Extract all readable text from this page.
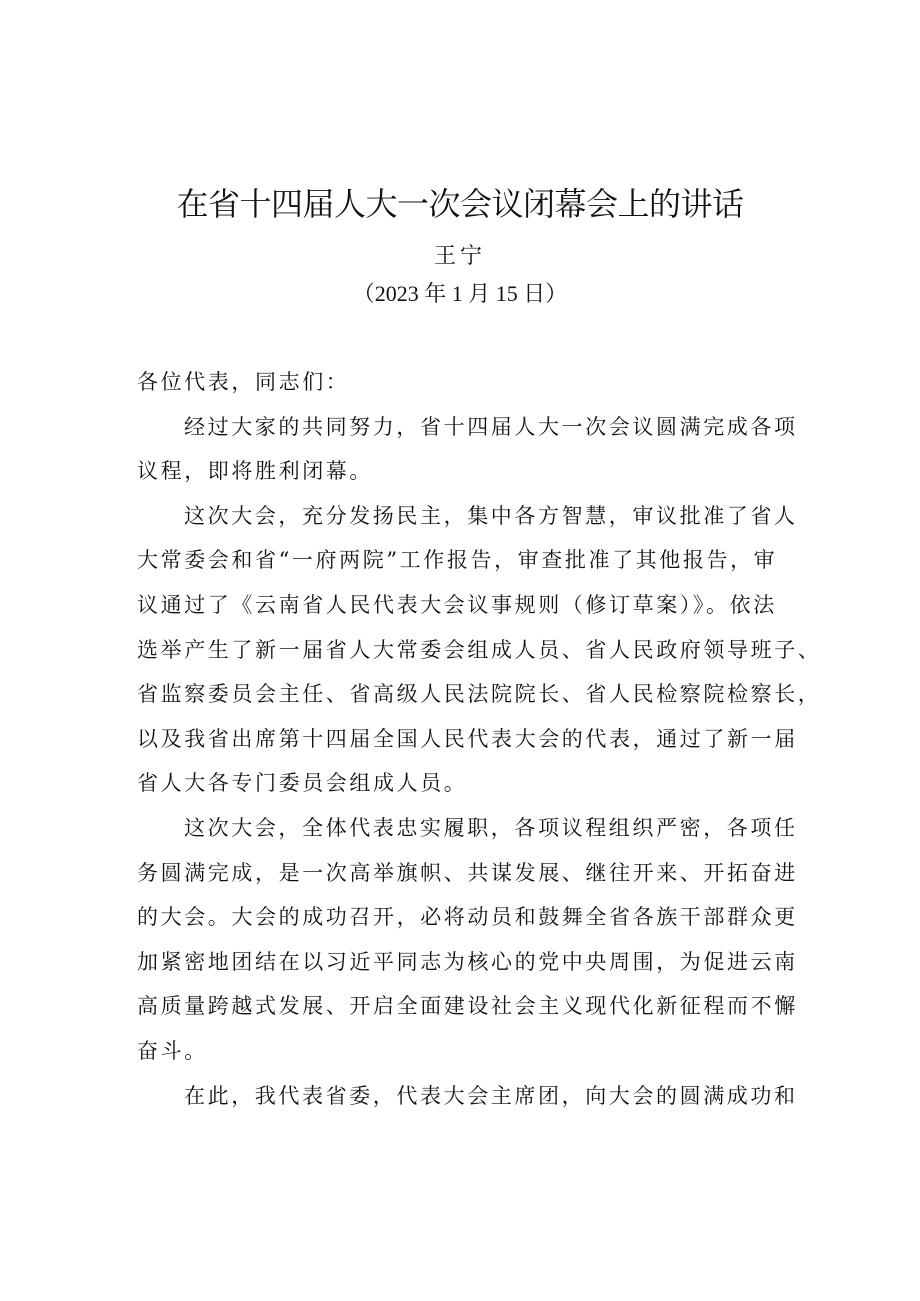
在省十四届人大一次会议闭幕会上的讲话
王宁
（2023 年 1 月 15 日）
各位代表，同志们：
经过大家的共同努力，省十四届人大一次会议圆满完成各项
议程，即将胜利闭幕。
这次大会，充分发扬民主，集中各方智慧，审议批准了省人
大常委会和省“一府两院”工作报告，审查批准了其他报告，审
议通过了《云南省人民代表大会议事规则（修订草案）》。依法
选举产生了新一届省人大常委会组成人员、省人民政府领导班子、
省监察委员会主任、省高级人民法院院长、省人民检察院检察长，
以及我省出席第十四届全国人民代表大会的代表，通过了新一届
省人大各专门委员会组成人员。
这次大会，全体代表忠实履职，各项议程组织严密，各项任
务圆满完成，是一次高举旗帜、共谋发展、继往开来、开拓奋进
的大会。大会的成功召开，必将动员和鼓舞全省各族干部群众更
加紧密地团结在以习近平同志为核心的党中央周围，为促进云南
高质量跨越式发展、开启全面建设社会主义现代化新征程而不懈
奋斗。
在此，我代表省委，代表大会主席团，向大会的圆满成功和
